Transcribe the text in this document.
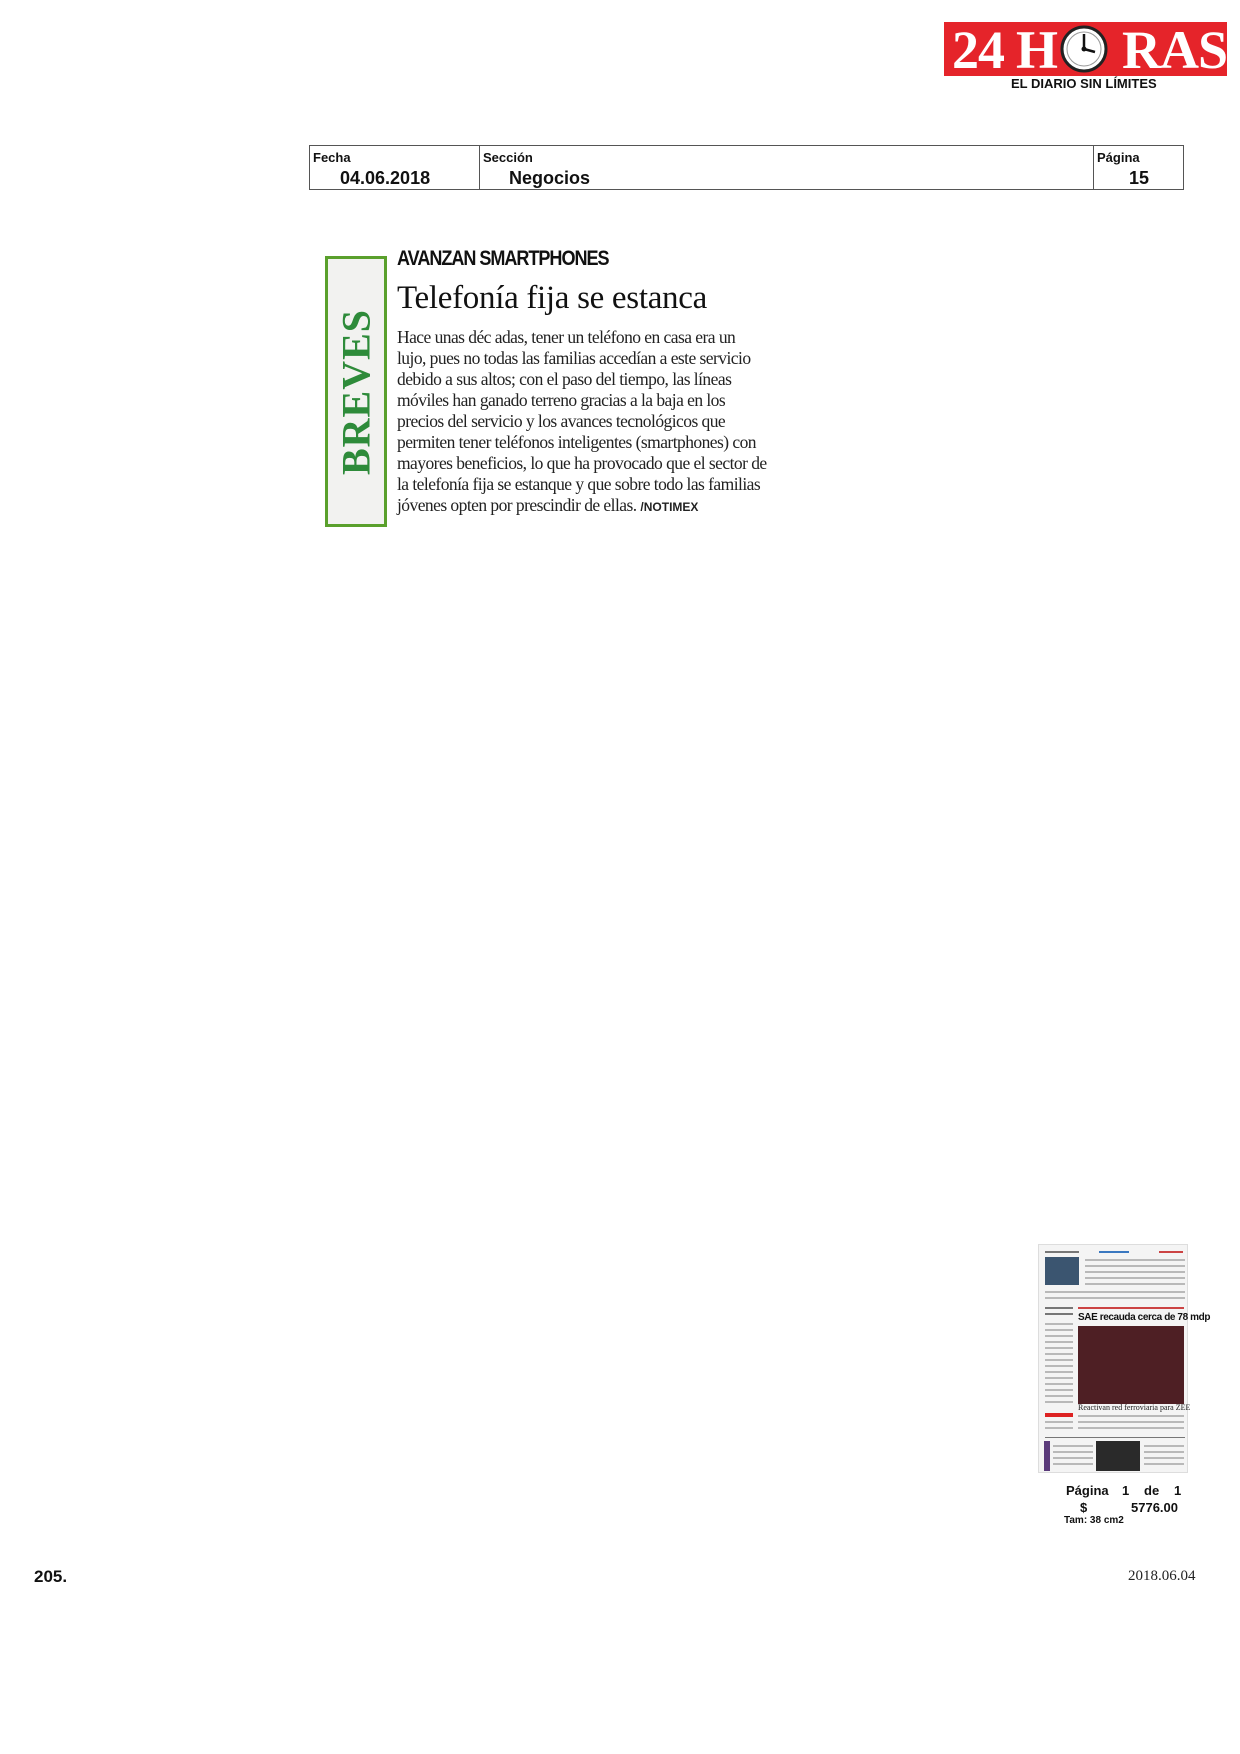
24 H RAS
EL DIARIO SIN LÍMITES
Fecha
04.06.2018
Sección
Negocios
Página
15
BREVES
AVANZAN SMARTPHONES
Telefonía fija se estanca
Hace unas déc adas, tener un teléfono en casa era un
lujo, pues no todas las familias accedían a este servicio
debido a sus altos; con el paso del tiempo, las líneas
móviles han ganado terreno gracias a la baja en los
precios del servicio y los avances tecnológicos que
permiten tener teléfonos inteligentes (smartphones) con
mayores beneficios, lo que ha provocado que el sector de
la telefonía fija se estanque y que sobre todo las familias
jóvenes opten por prescindir de ellas. /NOTIMEX
SAE recauda cerca de 78 mdp
Reactivan red ferroviaria para ZEE
Página 1 de 1
$	5776.00
Tam: 38 cm2
205.	2018.06.04
